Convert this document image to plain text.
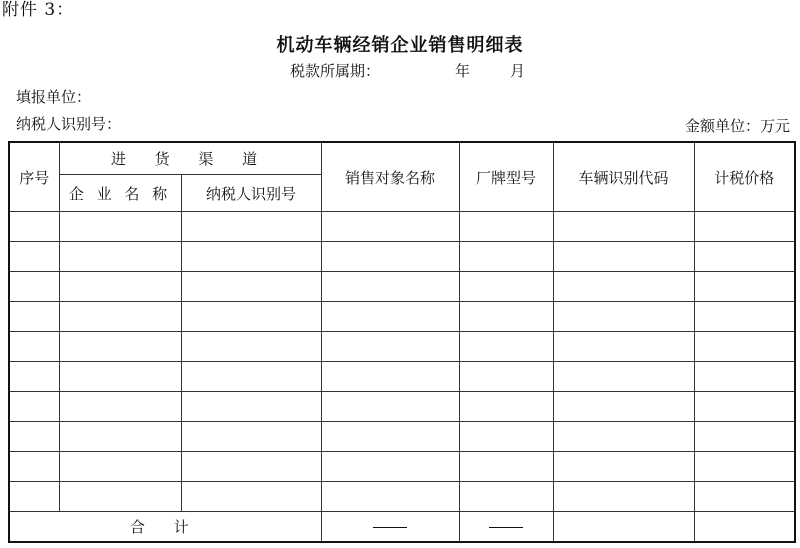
附件 3：
机动车辆经销企业销售明细表
税款所属期：	年	月
填报单位：
纳税人识别号：	金额单位：万元
序号	进 货 渠 道		销售对象名称	厂牌型号	车辆识别代码	计税价格
	企 业 名 称	纳税人识别号				

合 计						
